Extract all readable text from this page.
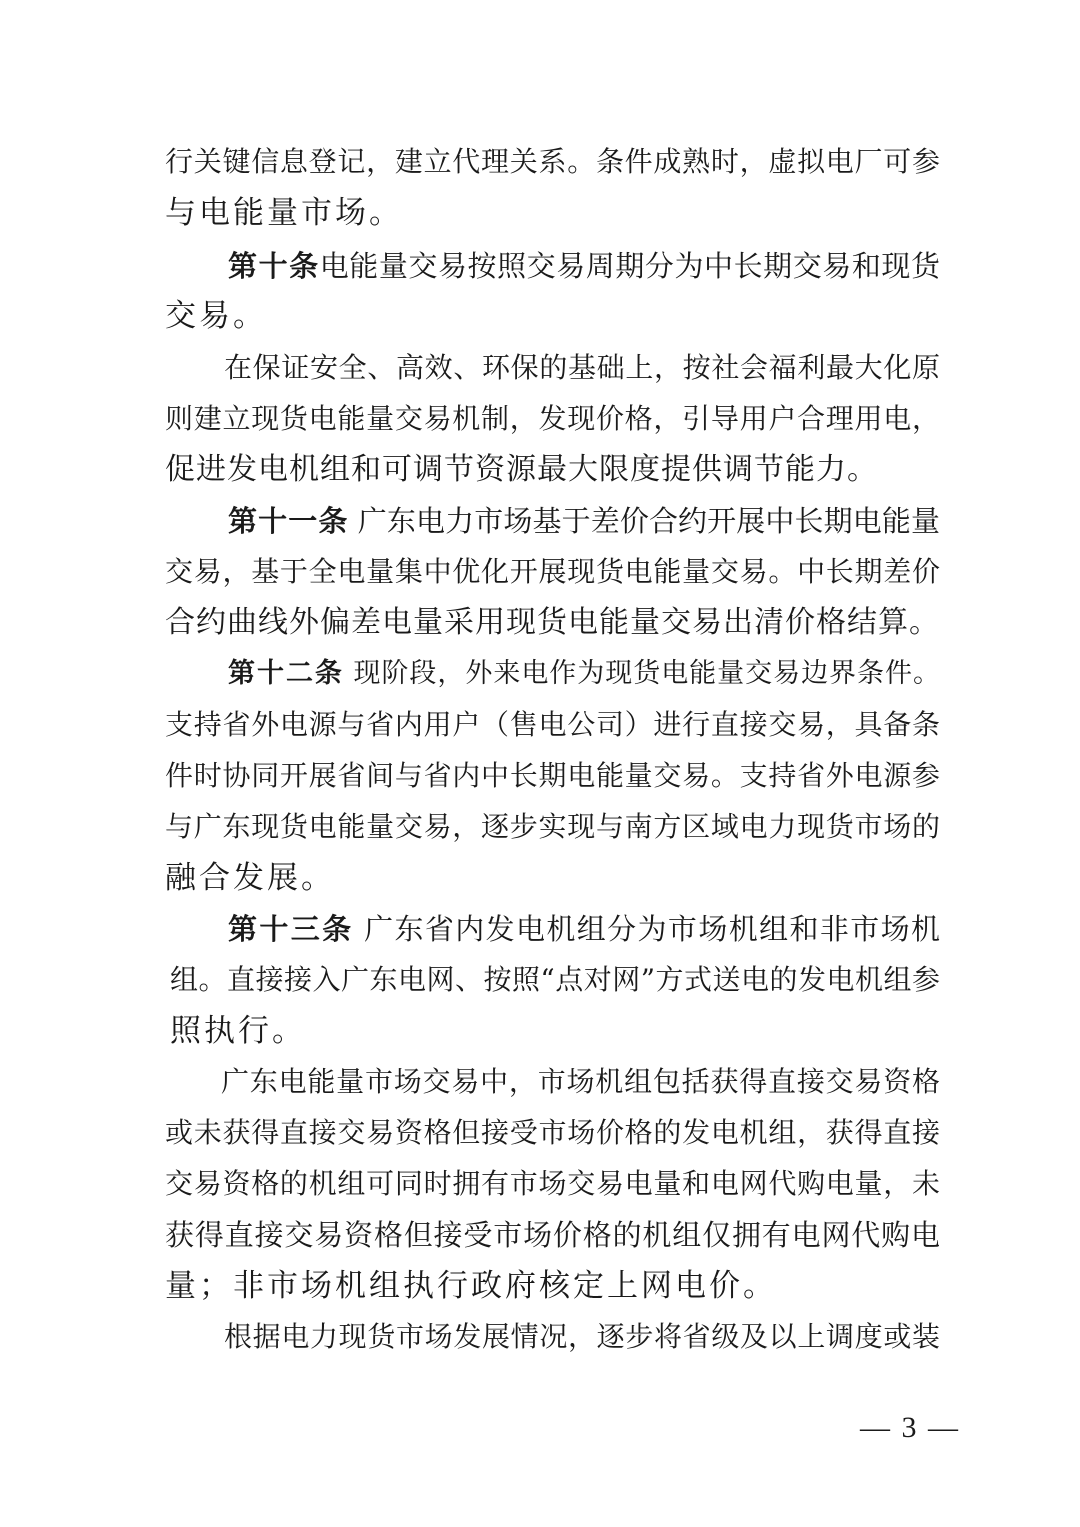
行关键信息登记，建立代理关系。条件成熟时，虚拟电厂可参
与电能量市场。
第十条电能量交易按照交易周期分为中长期交易和现货
交易。
在保证安全、高效、环保的基础上，按社会福利最大化原
则建立现货电能量交易机制，发现价格，引导用户合理用电，
促进发电机组和可调节资源最大限度提供调节能力。
第十一条 广东电力市场基于差价合约开展中长期电能量
交易，基于全电量集中优化开展现货电能量交易。中长期差价
合约曲线外偏差电量采用现货电能量交易出清价格结算。
第十二条 现阶段，外来电作为现货电能量交易边界条件。
支持省外电源与省内用户（售电公司）进行直接交易，具备条
件时协同开展省间与省内中长期电能量交易。支持省外电源参
与广东现货电能量交易，逐步实现与南方区域电力现货市场的
融合发展。
第十三条 广东省内发电机组分为市场机组和非市场机
组。直接接入广东电网、按照“点对网”方式送电的发电机组参
照执行。
广东电能量市场交易中，市场机组包括获得直接交易资格
或未获得直接交易资格但接受市场价格的发电机组，获得直接
交易资格的机组可同时拥有市场交易电量和电网代购电量，未
获得直接交易资格但接受市场价格的机组仅拥有电网代购电
量；非市场机组执行政府核定上网电价。
根据电力现货市场发展情况，逐步将省级及以上调度或装
— 3 —
